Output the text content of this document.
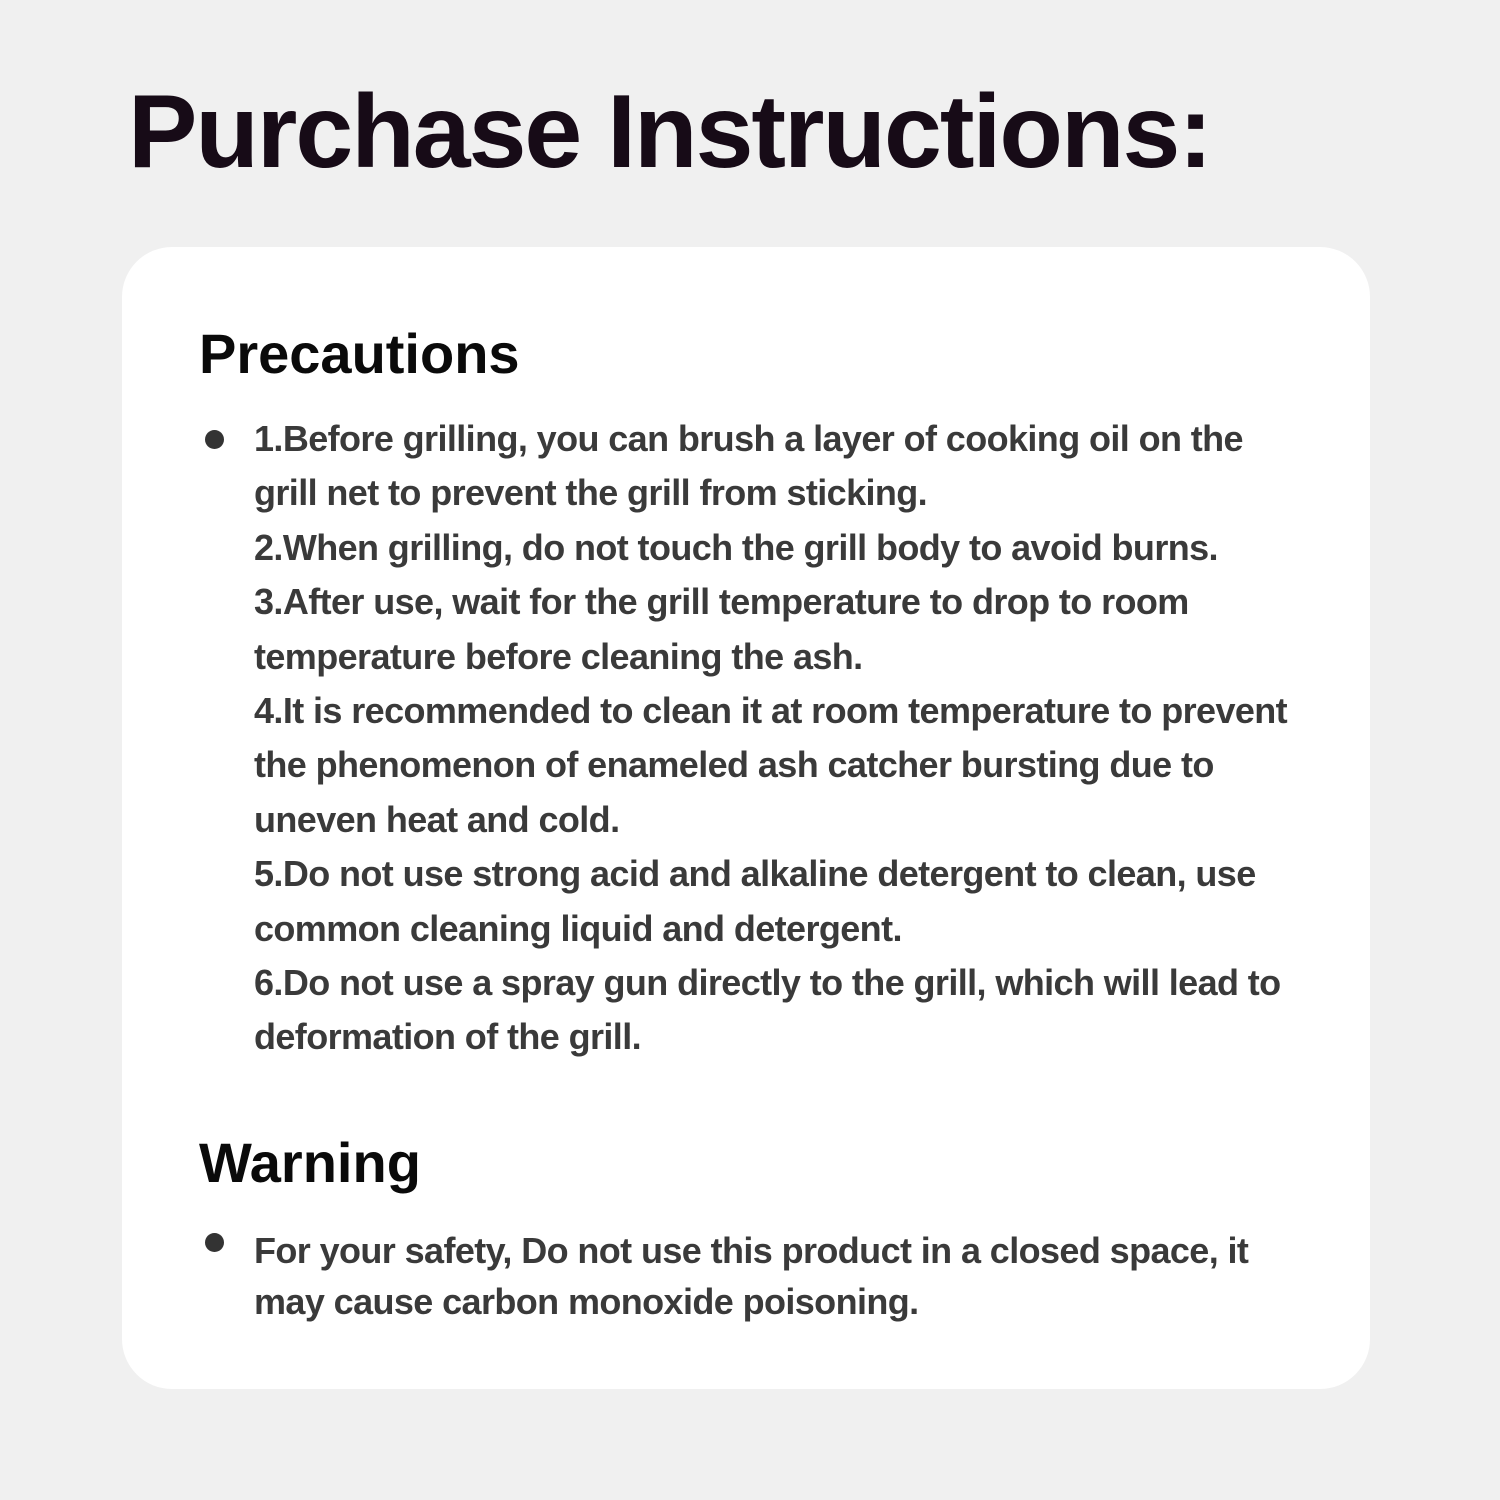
Purchase Instructions:
Precautions
1.Before grilling, you can brush a layer of cooking oil on the grill net to prevent the grill from sticking.
2.When grilling, do not touch the grill body to avoid burns.
3.After use, wait for the grill temperature to drop to room temperature before cleaning the ash.
4.It is recommended to clean it at room temperature to prevent the phenomenon of enameled ash catcher bursting due to uneven heat and cold.
5.Do not use strong acid and alkaline detergent to clean, use common cleaning liquid and detergent.
6.Do not use a spray gun directly to the grill, which will lead to deformation of the grill.
Warning
For your safety, Do not use this product in a closed space, it may cause carbon monoxide poisoning.
